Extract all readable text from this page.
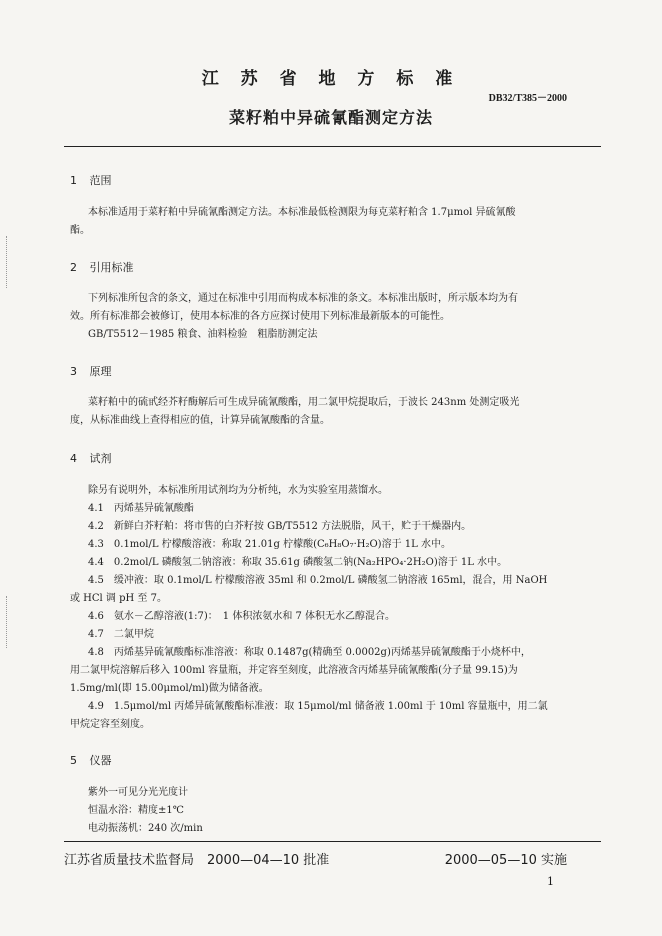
江 苏 省 地 方 标 准
DB32/T385－2000
菜籽粕中异硫氰酯测定方法
1 范围
本标准适用于菜籽粕中异硫氰酯测定方法。本标准最低检测限为每克菜籽粕含 1.7μmol 异硫氰酸
酯。
2 引用标准
下列标准所包含的条文，通过在标准中引用而构成本标准的条文。本标准出版时，所示版本均为有
效。所有标准都会被修订，使用本标准的各方应探讨使用下列标准最新版本的可能性。
GB/T5512－1985 粮食、油料检验　粗脂肪测定法
3 原理
菜籽粕中的硫甙经芥籽酶解后可生成异硫氰酸酯，用二氯甲烷提取后，于波长 243nm 处测定吸光
度，从标准曲线上查得相应的值，计算异硫氰酸酯的含量。
4 试剂
除另有说明外，本标准所用试剂均为分析纯，水为实验室用蒸馏水。
4.1　丙烯基异硫氰酸酯
4.2　新鲜白芥籽粕：将市售的白芥籽按 GB/T5512 方法脱脂，风干，贮于干燥器内。
4.3　0.1mol/L 柠檬酸溶液：称取 21.01g 柠檬酸(C₆H₈O₇·H₂O)溶于 1L 水中。
4.4　0.2mol/L 磷酸氢二钠溶液：称取 35.61g 磷酸氢二钠(Na₂HPO₄·2H₂O)溶于 1L 水中。
4.5　缓冲液：取 0.1mol/L 柠檬酸溶液 35ml 和 0.2mol/L 磷酸氢二钠溶液 165ml，混合，用 NaOH
或 HCl 调 pH 至 7。
4.6　氨水－乙醇溶液(1:7)：　1 体积浓氨水和 7 体积无水乙醇混合。
4.7　二氯甲烷
4.8　丙烯基异硫氰酸酯标准溶液：称取 0.1487g(精确至 0.0002g)丙烯基异硫氰酸酯于小烧杯中，
用二氯甲烷溶解后移入 100ml 容量瓶，并定容至刻度，此溶液含丙烯基异硫氰酸酯(分子量 99.15)为
1.5mg/ml(即 15.00μmol/ml)做为储备液。
4.9　1.5μmol/ml 丙烯异硫氰酸酯标准液：取 15μmol/ml 储备液 1.00ml 于 10ml 容量瓶中，用二氯
甲烷定容至刻度。
5 仪器
紫外一可见分光光度计
恒温水浴：精度±1℃
电动振荡机：240 次/min
江苏省质量技术监督局　2000—04—10 批准	2000—05—10 实施
1
